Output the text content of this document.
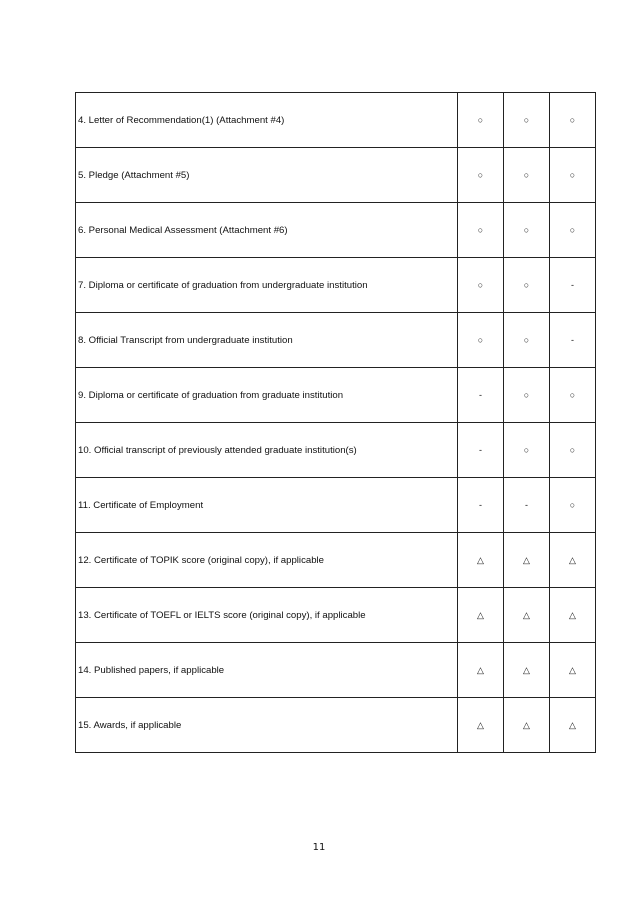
4. Letter of Recommendation(1) (Attachment #4)	○	○	○
5. Pledge (Attachment #5)	○	○	○
6. Personal Medical Assessment (Attachment #6)	○	○	○
7. Diploma or certificate of graduation from undergraduate institution	○	○	-
8. Official Transcript from undergraduate institution	○	○	-
9. Diploma or certificate of graduation from graduate institution	-	○	○
10. Official transcript of previously attended graduate institution(s)	-	○	○
11. Certificate of Employment	-	-	○
12. Certificate of TOPIK score (original copy), if applicable	△	△	△
13. Certificate of TOEFL or IELTS score (original copy), if applicable	△	△	△
14. Published papers, if applicable	△	△	△
15. Awards, if applicable	△	△	△
11
